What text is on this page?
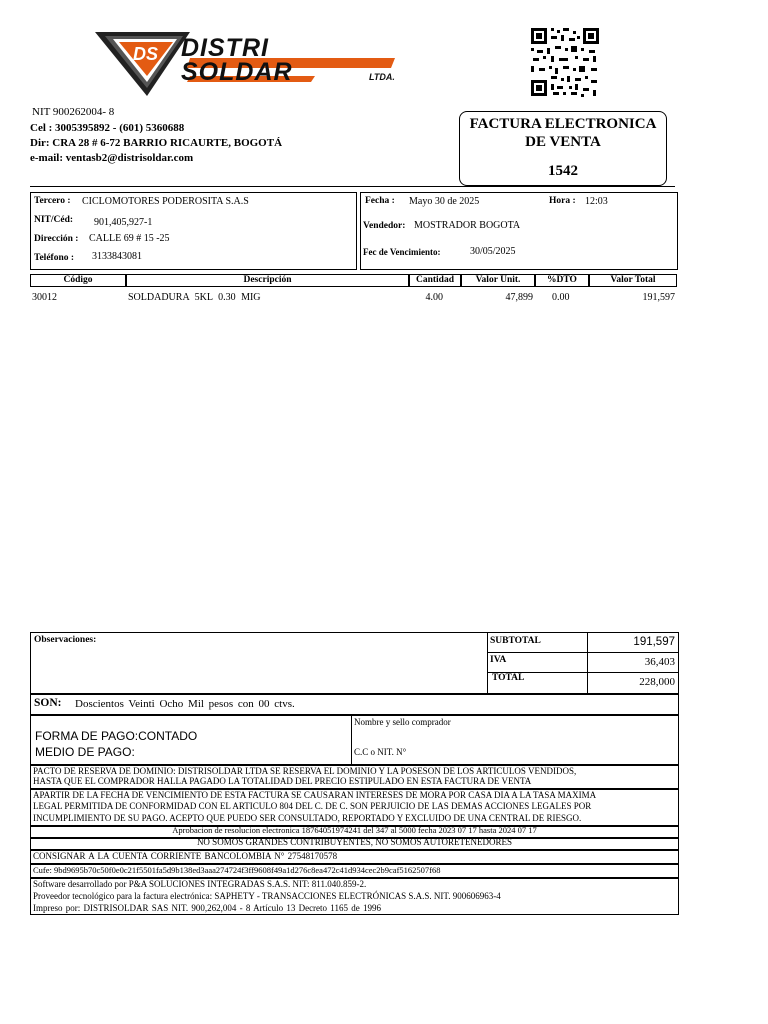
DS DISTRI SOLDAR	LTDA.
NIT 900262004- 8
Cel : 3005395892 - (601) 5360688
Dir: CRA 28 # 6-72 BARRIO RICAURTE, BOGOTÁ
e-mail: ventasb2@distrisoldar.com
FACTURA ELECTRONICA
DE VENTA
1542
Tercero : CICLOMOTORES PODEROSITA S.A.S
NIT/Céd: 901,405,927-1
Dirección : CALLE 69 # 15 -25
Teléfono : 3133843081
Fecha : Mayo 30 de 2025	Hora : 12:03
Vendedor: MOSTRADOR BOGOTA
Fec de Vencimiento:	30/05/2025
Código	Descripción	Cantidad	Valor Unit.	%DTO	Valor Total
30012	SOLDADURA 5KL 0.30 MIG	4.00	47,899 0.00	191,597
Observaciones:	SUBTOTAL	191,597
IVA	36,403
TOTAL	228,000
SON: Doscientos Veinti Ocho Mil pesos con 00 ctvs.
FORMA DE PAGO:CONTADO
MEDIO DE PAGO:
Nombre y sello comprador
C.C o NIT. N°
PACTO DE RESERVA DE DOMINIO: DISTRISOLDAR LTDA SE RESERVA EL DOMINIO Y LA POSESON DE LOS ARTICULOS VENDIDOS,
HASTA QUE EL COMPRADOR HALLA PAGADO LA TOTALIDAD DEL PRECIO ESTIPULADO EN ESTA FACTURA DE VENTA
APARTIR DE LA FECHA DE VENCIMIENTO DE ESTA FACTURA SE CAUSARAN INTERESES DE MORA POR CASA DIA A LA TASA MAXIMA
LEGAL PERMITIDA DE CONFORMIDAD CON EL ARTICULO 804 DEL C. DE C. SON PERJUICIO DE LAS DEMAS ACCIONES LEGALES POR
INCUMPLIMIENTO DE SU PAGO. ACEPTO QUE PUEDO SER CONSULTADO, REPORTADO Y EXCLUIDO DE UNA CENTRAL DE RIESGO.
Aprobacion de resolucion electronica 18764051974241 del 347 al 5000 fecha 2023 07 17 hasta 2024 07 17
NO SOMOS GRANDES CONTRIBUYENTES, NO SOMOS AUTORETENEDORES
CONSIGNAR A LA CUENTA CORRIENTE BANCOLOMBIA N° 27548170578
Cufe: 9bd9695b70c50f0e0c21f5501fa5d9b138ed3aaa274724f3ff9608f49a1d276c8ea472c41d934cec2b9caf5162507f68
Software desarrollado por P&A SOLUCIONES INTEGRADAS S.A.S. NIT: 811.040.859-2.
Proveedor tecnológico para la factura electrónica: SAPHETY - TRANSACCIONES ELECTRÓNICAS S.A.S. NIT. 900606963-4
Impreso por: DISTRISOLDAR SAS NIT. 900,262,004 - 8 Artículo 13 Decreto 1165 de 1996
